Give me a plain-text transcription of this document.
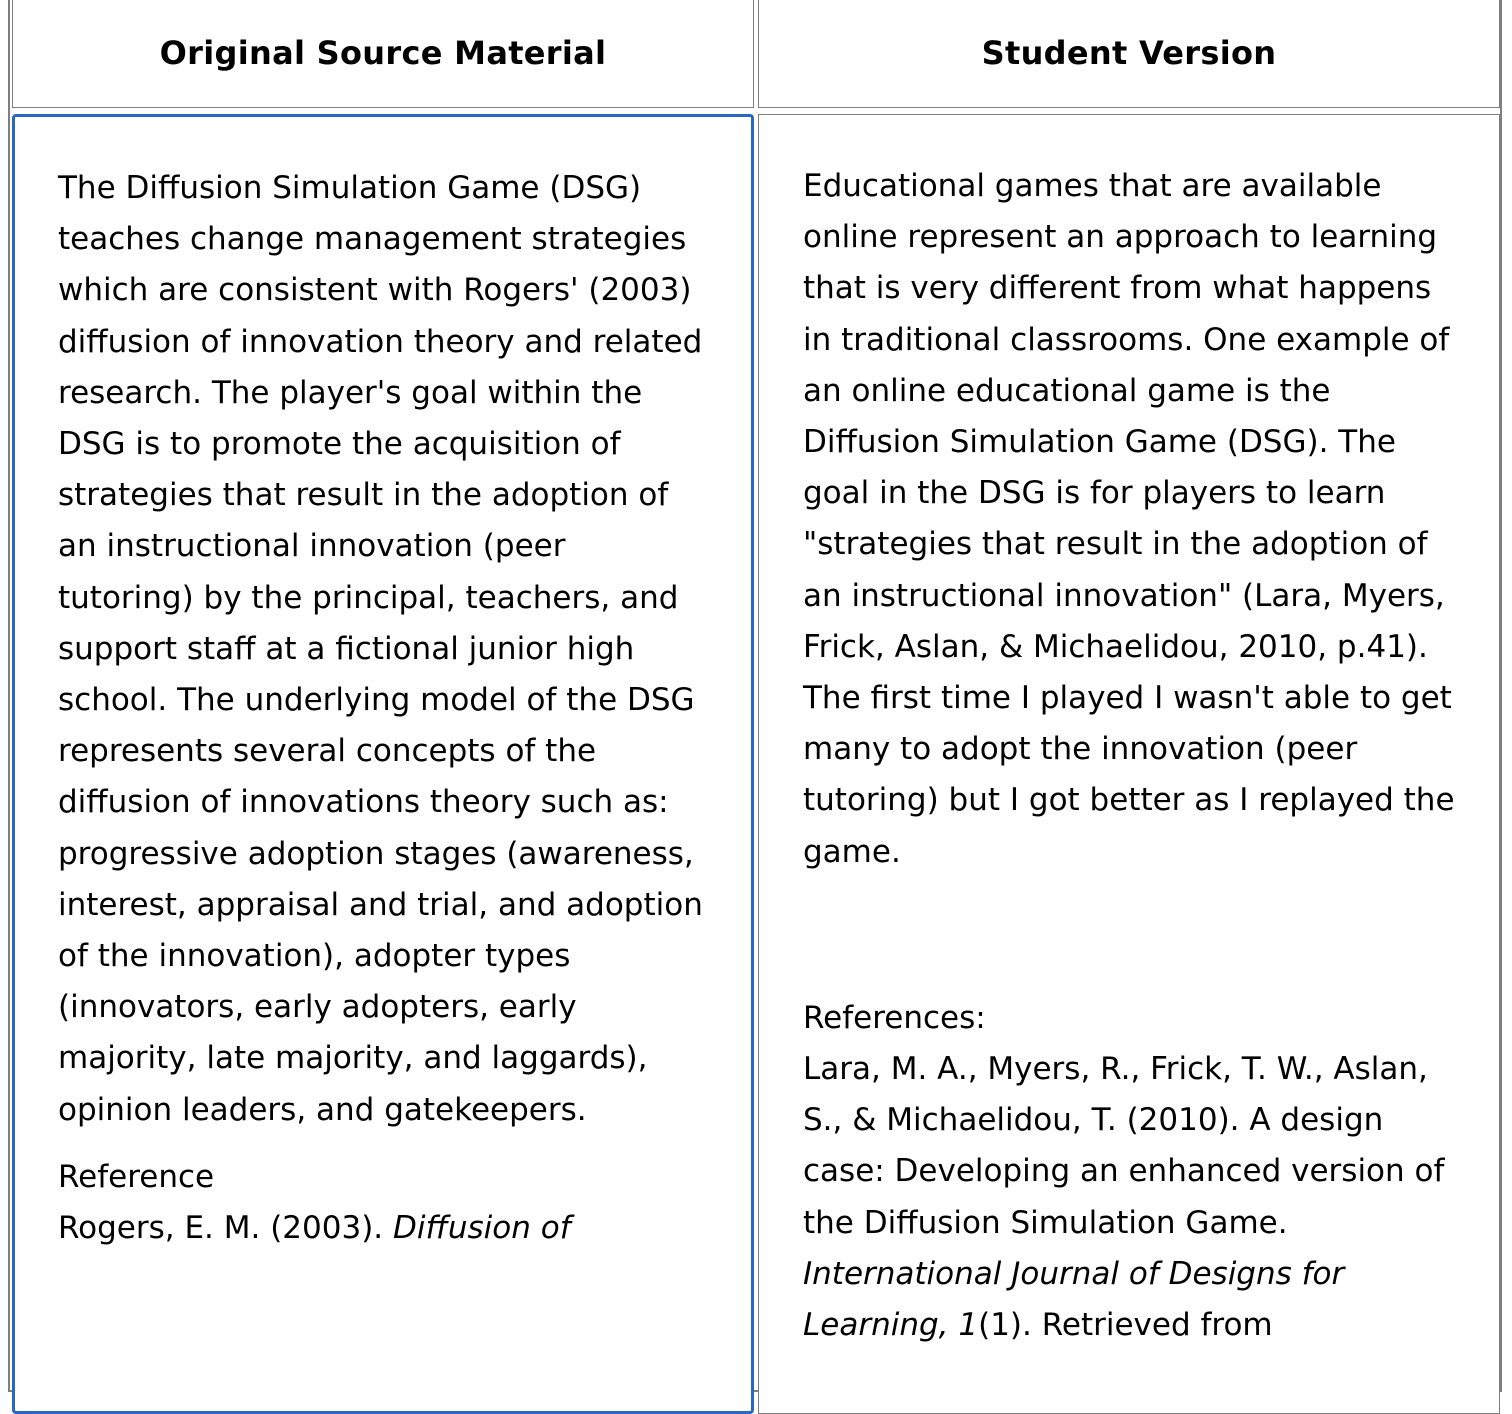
Original Source Material	Student Version

The Diffusion Simulation Game (DSG) teaches change management strategies which are consistent with Rogers' (2003) diffusion of innovation theory and related research. The player's goal within the DSG is to promote the acquisition of strategies that result in the adoption of an instructional innovation (peer tutoring) by the principal, teachers, and support staff at a fictional junior high school. The underlying model of the DSG represents several concepts of the diffusion of innovations theory such as: progressive adoption stages (awareness, interest, appraisal and trial, and adoption of the innovation), adopter types (innovators, early adopters, early majority, late majority, and laggards), opinion leaders, and gatekeepers.

Reference

Rogers, E. M. (2003). Diffusion of

Educational games that are available online represent an approach to learning that is very different from what happens in traditional classrooms. One example of an online educational game is the Diffusion Simulation Game (DSG). The goal in the DSG is for players to learn "strategies that result in the adoption of an instructional innovation" (Lara, Myers, Frick, Aslan, & Michaelidou, 2010, p.41). The first time I played I wasn't able to get many to adopt the innovation (peer tutoring) but I got better as I replayed the game.

References:

Lara, M. A., Myers, R., Frick, T. W., Aslan, S., & Michaelidou, T. (2010). A design case: Developing an enhanced version of the Diffusion Simulation Game. International Journal of Designs for Learning, 1(1). Retrieved from
